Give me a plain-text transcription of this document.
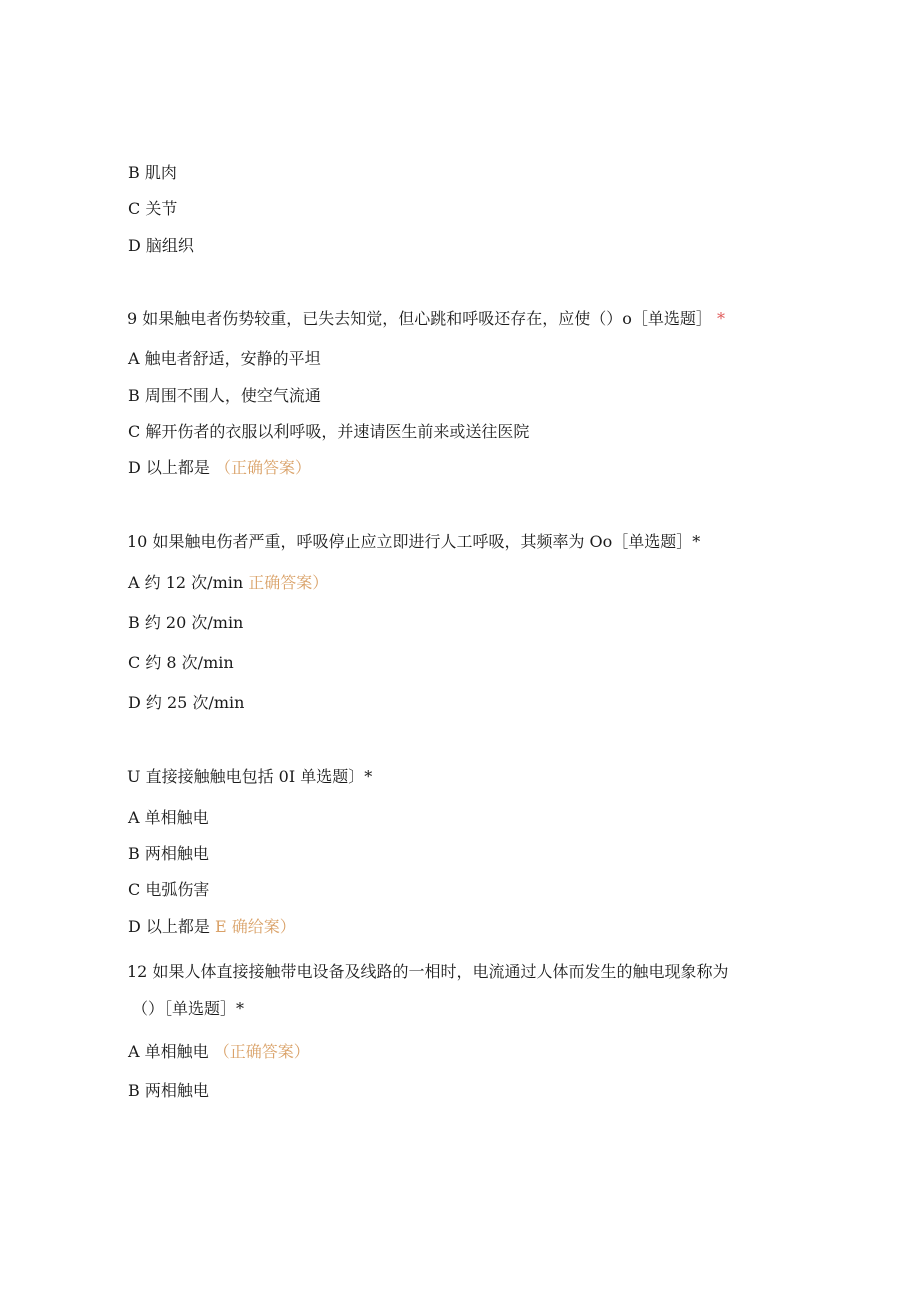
B 肌肉
C 关节
D 脑组织
9 如果触电者伤势较重，已失去知觉，但心跳和呼吸还存在，应使（）o［单选题］ *
A 触电者舒适，安静的平坦
B 周围不围人，使空气流通
C 解开伤者的衣服以利呼吸，并速请医生前来或送往医院
D 以上都是 （正确答案）
10 如果触电伤者严重，呼吸停止应立即进行人工呼吸，其频率为 Oo［单选题］*
A 约 12 次/min 正确答案）
B 约 20 次/min
C 约 8 次/min
D 约 25 次/min
U 直接接触触电包括 0I 单选题〕*
A 单相触电
B 两相触电
C 电弧伤害
D 以上都是 E 确给案）
12 如果人体直接接触带电设备及线路的一相时，电流通过人体而发生的触电现象称为
（）［单选题］*
A 单相触电 （正确答案）
B 两相触电
